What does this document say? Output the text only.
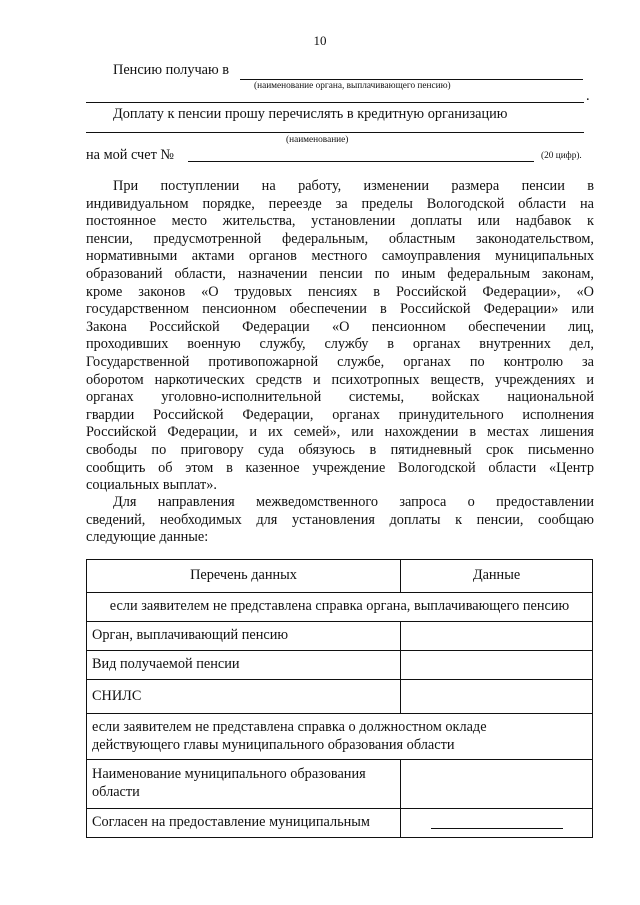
10
Пенсию получаю в
(наименование органа, выплачивающего пенсию)
.
Доплату к пенсии прошу перечислять в кредитную организацию
(наименование)
на мой счет №	(20 цифр).
При поступлении на работу, изменении размера пенсии в
индивидуальном порядке, переезде за пределы Вологодской области на
постоянное место жительства, установлении доплаты или надбавок к
пенсии, предусмотренной федеральным, областным законодательством,
нормативными актами органов местного самоуправления муниципальных
образований области, назначении пенсии по иным федеральным законам,
кроме законов «О трудовых пенсиях в Российской Федерации», «О
государственном пенсионном обеспечении в Российской Федерации» или
Закона Российской Федерации «О пенсионном обеспечении лиц,
проходивших военную службу, службу в органах внутренних дел,
Государственной противопожарной службе, органах по контролю за
оборотом наркотических средств и психотропных веществ, учреждениях и
органах уголовно-исполнительной системы, войсках национальной
гвардии Российской Федерации, органах принудительного исполнения
Российской Федерации, и их семей», или нахождении в местах лишения
свободы по приговору суда обязуюсь в пятидневный срок письменно
сообщить об этом в казенное учреждение Вологодской области «Центр
социальных выплат».
Для направления межведомственного запроса о предоставлении
сведений, необходимых для установления доплаты к пенсии, сообщаю
следующие данные:
Перечень данных	Данные
если заявителем не представлена справка органа, выплачивающего пенсию	
Орган, выплачивающий пенсию	
Вид получаемой пенсии	
СНИЛС	

если заявителем не представлена справка о должностном окладе
действующего главы муниципального образования области	

Наименование муниципального образования
области	

Согласен на предоставление муниципальным	
